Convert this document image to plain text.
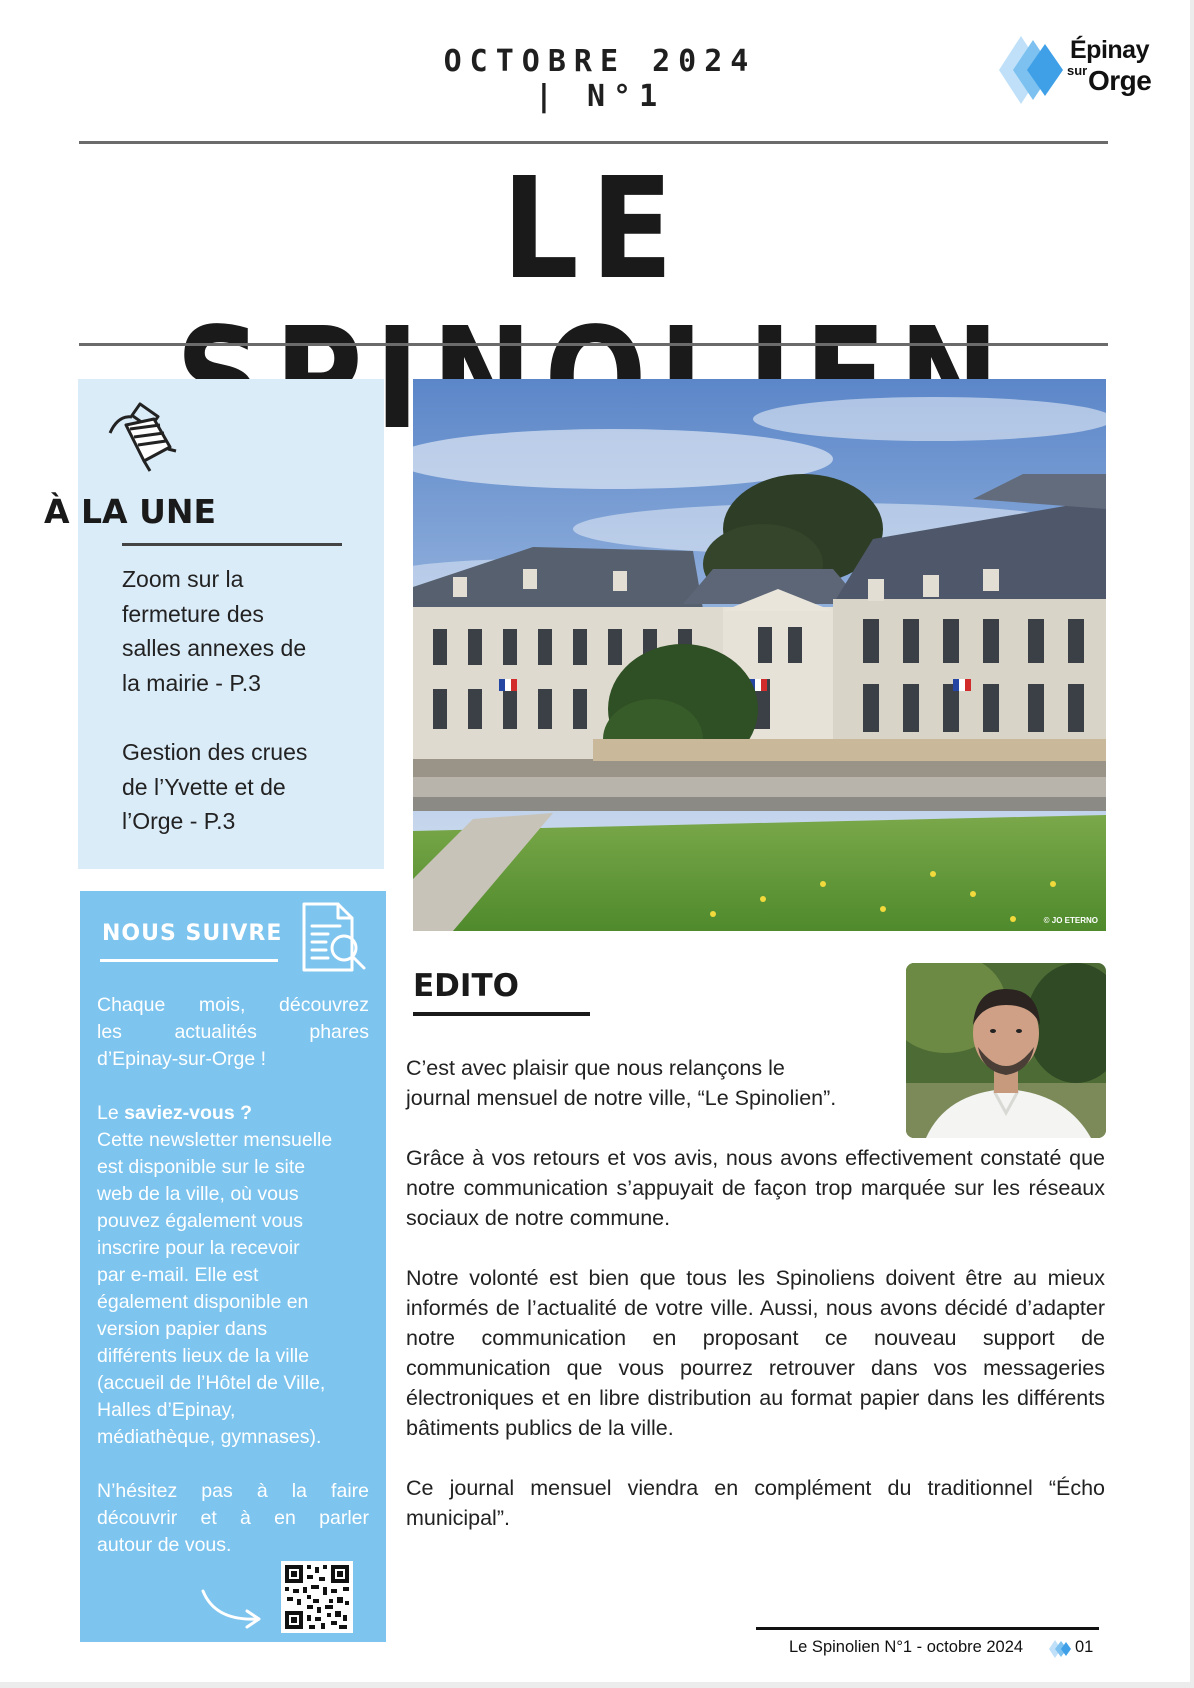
OCTOBRE 2024 | N°1
Épinay
sur Orge
LE
À LA UNE
Zoom sur la
fermeture des
salles annexes de
la mairie - P.3
Gestion des crues
de l’Yvette et de
l’Orge - P.3
NOUS SUIVRE
Chaque mois, découvrez
les actualités phares
d’Epinay-sur-Orge !
Le saviez-vous ?
Cette newsletter mensuelle
est disponible sur le site
web de la ville, où vous
pouvez également vous
inscrire pour la recevoir
par e-mail. Elle est
également disponible en
version papier dans
différents lieux de la ville
(accueil de l’Hôtel de Ville,
Halles d’Epinay,
médiathèque, gymnases).
N’hésitez pas à la faire
découvrir et à en parler
autour de vous.
© JO ETERNO
EDITO
C’est avec plaisir que nous relançons le
journal mensuel de notre ville, “Le Spinolien”.
Grâce à vos retours et vos avis, nous avons effectivement constaté que notre communication s’appuyait de façon trop marquée sur les réseaux sociaux de notre commune.
Notre volonté est bien que tous les Spinoliens doivent être au mieux informés de l’actualité de votre ville. Aussi, nous avons décidé d’adapter notre communication en proposant ce nouveau support de communication que vous pourrez retrouver dans vos messageries électroniques et en libre distribution au format papier dans les différents bâtiments publics de la ville.
Ce journal mensuel viendra en complément du traditionnel “Écho municipal”.
Le Spinolien N°1 - octobre 2024	01
